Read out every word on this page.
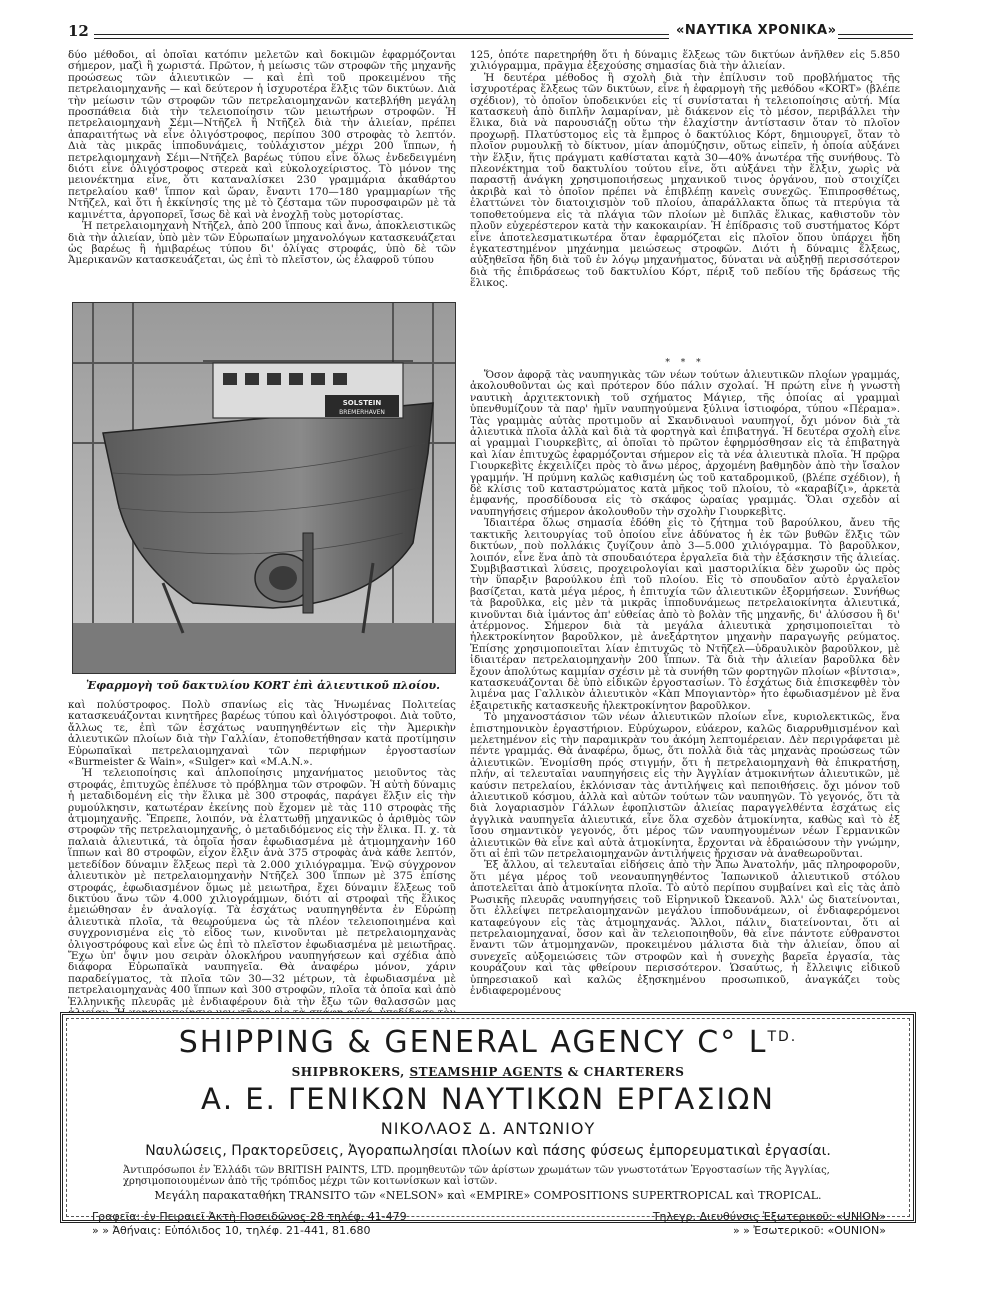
12	«ΝΑΥΤΙΚΑ ΧΡΟΝΙΚΑ»

δύο μέθοδοι, αἱ ὁποῖαι κατόπιν μελετῶν καὶ δοκιμῶν ἐφαρμόζονται σήμερον, μαζὶ ἢ χωριστά. Πρῶτον, ἡ μείωσις τῶν στροφῶν τῆς μηχανῆς προώσεως τῶν ἁλιευτικῶν — καὶ ἐπὶ τοῦ προκειμένου τῆς πετρελαιομηχανῆς — καὶ δεύτερον ἡ ἰσχυροτέρα ἕλξις τῶν δικτύων. Διὰ τὴν μείωσιν τῶν στροφῶν τῶν πετρελαιομηχανῶν κατεβλήθη μεγάλη προσπάθεια διὰ τὴν τελειοποίησιν τῶν μειωτήρων στροφῶν. Ἡ πετρελαιομηχανὴ Σέμι—Ντῆζελ ἢ Ντῆζελ διὰ τὴν ἁλιείαν, πρέπει ἀπαραιτήτως νὰ εἶνε ὀλιγόστροφος, περίπου 300 στροφὰς τὸ λεπτόν. Διὰ τὰς μικρᾶς ἱπποδυνάμεις, τοὐλάχιστον μέχρι 200 ἵππων, ἡ πετρελαιομηχανὴ Σέμι—Ντῆζελ βαρέως τύπου εἶνε ὅλως ἐνδεδειγμένη διότι εἶνε ὀλιγόστροφος στερεὰ καὶ εὐκολοχείριστος. Τὸ μόνον της μειονέκτημα εἶνε, ὅτι καταναλίσκει 230 γραμμάρια ἀκαθάρτου πετρελαίου καθ' ἵππον καὶ ὥραν, ἔναντι 170—180 γραμμαρίων τῆς Ντῆζελ, καὶ ὅτι ἡ ἐκκίνησίς της μὲ τὸ ζέσταμα τῶν πυροσφαιρῶν μὲ τὰ καμινέττα, ἀργοπορεῖ, ἴσως δὲ καὶ νὰ ἐνοχλῇ τοὺς μοτορίστας.

Ἡ πετρελαιομηχανὴ Ντῆζελ, ἀπὸ 200 ἵππους καὶ ἄνω, ἀποκλειστικῶς διὰ τὴν ἁλιείαν, ὑπὸ μὲν τῶν Εὐρωπαίων μηχανολόγων κατασκευάζεται ὡς βαρέως ἢ ἡμιβαρέως τύπου δι' ὀλίγας στροφάς, ὑπὸ δὲ τῶν Ἀμερικανῶν κατασκευάζεται, ὡς ἐπὶ τὸ πλεῖστον, ὡς ἐλαφροῦ τύπου

SOLSTEIN
BREMERHAVEN
Ἐφαρμογὴ τοῦ δακτυλίου KORT ἐπὶ ἁλιευτικοῦ πλοίου.

καὶ πολύστροφος. Πολὺ σπανίως εἰς τὰς Ἡνωμένας Πολιτείας κατασκευάζονται κινητῆρες βαρέως τύπου καὶ ὀλιγόστροφοι. Διὰ τοῦτο, ἄλλως τε, ἐπὶ τῶν ἐσχάτως ναυπηγηθέντων εἰς τὴν Ἀμερικὴν ἁλιευτικῶν πλοίων διὰ τὴν Γαλλίαν, ἐτοποθετήθησαν κατὰ προτίμησιν Εὐρωπαϊκαὶ πετρελαιομηχαναὶ τῶν περιφήμων ἐργοστασίων «Burmeister & Wain», «Sulger» καὶ «M.A.N.».

Ἡ τελειοποίησις καὶ ἁπλοποίησις μηχανήματος μειοῦντος τὰς στροφάς, ἐπιτυχῶς ἐπέλυσε τὸ πρόβλημα τῶν στροφῶν. Ἡ αὐτὴ δύναμις ἡ μεταδιδομένη εἰς τὴν ἕλικα μὲ 300 στροφάς, παράγει ἕλξιν εἰς τὴν ρυμούλκησιν, κατωτέραν ἐκείνης ποὺ ἔχομεν μὲ τὰς 110 στροφὰς τῆς ἀτμομηχανῆς. Ἔπρεπε, λοιπόν, νὰ ἐλαττωθῇ μηχανικῶς ὁ ἀριθμὸς τῶν στροφῶν τῆς πετρελαιομηχανῆς, ὁ μεταδιδόμενος εἰς τὴν ἕλικα. Π. χ. τὰ παλαιὰ ἁλιευτικά, τὰ ὁποῖα ἦσαν ἐφωδιασμένα μὲ ἀτμομηχανὴν 160 ἵππων καὶ 80 στροφῶν, εἶχον ἕλξιν ἀνὰ 375 στροφὰς ἀνὰ κάθε λεπτόν, μετεδίδον δύναμιν ἕλξεως περὶ τὰ 2.000 χιλιόγραμμα. Ἐνῷ σύγχρονον ἁλιευτικὸν μὲ πετρελαιομηχανὴν Ντῆζελ 300 ἵππων μὲ 375 ἐπίσης στροφάς, ἐφωδιασμένον ὅμως μὲ μειωτῆρα, ἔχει δύναμιν ἕλξεως τοῦ δικτύου ἄνω τῶν 4.000 χιλιογράμμων, διότι αἱ στροφαὶ τῆς ἕλικος ἐμειώθησαν ἐν ἀναλογίᾳ. Τὰ ἐσχάτως ναυπηγηθέντα ἐν Εὐρώπῃ ἁλιευτικὰ πλοῖα, τὰ θεωρούμενα ὡς τὰ πλέον τελειοποιημένα καὶ συγχρονισμένα εἰς τὸ εἶδος των, κινοῦνται μὲ πετρελαιομηχανὰς ὀλιγοστρόφους καὶ εἶνε ὡς ἐπὶ τὸ πλεῖστον ἐφωδιασμένα μὲ μειωτῆρας. Ἔχω ὑπ' ὄψιν μου σειρὰν ὁλοκλήρου ναυπηγήσεων καὶ σχέδια ἀπὸ διάφορα Εὐρωπαϊκὰ ναυπηγεῖα. Θὰ ἀναφέρω μόνον, χάριν παραδείγματος, τὰ πλοῖα τῶν 30—32 μέτρων, τὰ ἐφωδιασμένα μὲ πετρελαιομηχανὰς 400 ἵππων καὶ 300 στροφῶν, πλοῖα τὰ ὁποῖα καὶ ἀπὸ Ἑλληνικῆς πλευρᾶς μὲ ἐνδιαφέρουν διὰ τὴν ἔξω τῶν θαλασσῶν μας

125, ὁπότε παρετηρήθη ὅτι ἡ δύναμις ἕλξεως τῶν δικτύων ἀνῆλθεν εἰς 5.850 χιλιόγραμμα, πρᾶγμα ἐξεχούσης σημασίας διὰ τὴν ἁλιείαν.

Ἡ δευτέρα μέθοδος ἢ σχολὴ διὰ τὴν ἐπίλυσιν τοῦ προβλήματος τῆς ἰσχυροτέρας ἕλξεως τῶν δικτύων, εἶνε ἡ ἐφαρμογὴ τῆς μεθόδου «KORT» (βλέπε σχέδιον), τὸ ὁποῖον ὑποδεικνύει εἰς τί συνίσταται ἡ τελειοποίησις αὐτή. Μία κατασκευὴ ἀπὸ διπλῆν λαμαρίναν, μὲ διάκενον εἰς τὸ μέσον, περιβάλλει τὴν ἕλικα, διὰ νὰ παρουσιάζῃ οὕτω τὴν ἐλαχίστην ἀντίστασιν ὅταν τὸ πλοῖον προχωρῇ. Πλατύστομος εἰς τὰ ἔμπρος ὁ δακτύλιος Κόρτ, δημιουργεῖ, ὅταν τὸ πλοῖον ρυμουλκῇ τὸ δίκτυον, μίαν ἀπομύζησιν, οὕτως εἰπεῖν, ἡ ὁποία αὐξάνει τὴν ἕλξιν, ἥτις πράγματι καθίσταται κατὰ 30—40% ἀνωτέρα τῆς συνήθους. Τὸ πλεονέκτημα τοῦ δακτυλίου τούτου εἶνε, ὅτι αὐξάνει τὴν ἕλξιν, χωρὶς νὰ παραστῇ ἀνάγκη χρησιμοποιήσεως μηχανικοῦ τινος ὀργάνου, ποὺ στοιχίζει ἀκριβὰ καὶ τὸ ὁποῖον πρέπει νὰ ἐπιβλέπῃ κανεὶς συνεχῶς. Ἐπιπροσθέτως, ἐλαττώνει τὸν διατοιχισμὸν τοῦ πλοίου, ἀπαράλλακτα ὅπως τὰ πτερύγια τὰ τοποθετούμενα εἰς τὰ πλάγια τῶν πλοίων μὲ διπλᾶς ἕλικας, καθιστοῦν τὸν πλοῦν εὐχερέστερον κατὰ τὴν κακοκαιρίαν. Ἡ ἐπίδρασις τοῦ συστήματος Κόρτ εἶνε ἀποτελεσματικωτέρα ὅταν ἐφαρμόζεται εἰς πλοῖον ὅπου ὑπάρχει ἤδη ἐγκατεστημένον μηχάνημα μειώσεως στροφῶν. Διότι ἡ δύναμις ἕλξεως, αὐξηθεῖσα ἤδη διὰ τοῦ ἐν λόγῳ μηχανήματος, δύναται νὰ αὐξηθῇ περισσότερον διὰ τῆς ἐπιδράσεως τοῦ δακτυλίου Κόρτ, πέριξ τοῦ πεδίου τῆς δράσεως τῆς ἕλικος.

* * *

Ὅσον ἀφορᾷ τὰς ναυπηγικὰς τῶν νέων τούτων ἁλιευτικῶν πλοίων γραμμάς, ἀκολουθοῦνται ὡς καὶ πρότερον δύο πάλιν σχολαί. Ἡ πρώτη εἶνε ἡ γνωστὴ ναυτικὴ ἀρχιτεκτονικὴ τοῦ σχήματος Μάγιερ, τῆς ὁποίας αἱ γραμμαὶ ὑπενθυμίζουν τὰ παρ' ἡμῖν ναυπηγούμενα ξύλινα ἱστιοφόρα, τύπου «Πέραμα». Τὰς γραμμὰς αὐτὰς προτιμοῦν αἱ Σκανδιναυοὶ ναυπηγοί, ὄχι μόνον διὰ τὰ ἁλιευτικὰ πλοῖα ἀλλὰ καὶ διὰ τὰ φορτηγὰ καὶ ἐπιβατηγά. Ἡ δευτέρα σχολὴ εἶνε αἱ γραμμαὶ Γιουρκεβὶτς, αἱ ὁποῖαι τὸ πρῶτον ἐφηρμόσθησαν εἰς τὰ ἐπιβατηγὰ καὶ λίαν ἐπιτυχῶς ἐφαρμόζονται σήμερον εἰς τὰ νέα ἁλιευτικὰ πλοῖα. Ἡ πρῷρα Γιουρκεβὶτς ἐκχειλίζει πρὸς τὸ ἄνω μέρος, ἀρχομένη βαθμηδὸν ἀπὸ τὴν ἴσαλον γραμμήν. Ἡ πρύμνη καλῶς καθισμένη ὡς τοῦ καταδρομικοῦ, (βλέπε σχέδιον), ἡ δὲ κλίσις τοῦ καταστρώματος κατὰ μῆκος τοῦ πλοίου, τὸ «καραβίζι», ἀρκετὰ ἐμφανής, προσδίδουσα εἰς τὸ σκάφος ὡραίας γραμμάς. Ὅλαι σχεδὸν αἱ ναυπηγήσεις σήμερον ἀκολουθοῦν τὴν σχολὴν Γιουρκεβὶτς.

Ἰδιαιτέρα ὅλως σημασία ἐδόθη εἰς τὸ ζήτημα τοῦ βαρούλκου, ἄνευ τῆς τακτικῆς λειτουργίας τοῦ ὁποίου εἶνε ἀδύνατος ἡ ἐκ τῶν βυθῶν ἕλξις τῶν δικτύων, ποὺ πολλάκις ζυγίζουν ἀπὸ 3—5.000 χιλιόγραμμα. Τὸ βαροῦλκον, λοιπόν, εἶνε ἕνα ἀπὸ τὰ σπουδαιότερα ἐργαλεῖα διὰ τὴν ἐξάσκησιν τῆς ἁλιείας. Συμβιβαστικαὶ λύσεις, προχειρολογίαι καὶ μαστοριλίκια δὲν χωροῦν ὡς πρὸς τὴν ὕπαρξιν βαρούλκου ἐπὶ τοῦ πλοίου. Εἰς τὸ σπουδαῖον αὐτὸ ἐργαλεῖον βασίζεται, κατὰ μέγα μέρος, ἡ ἐπιτυχία τῶν ἁλιευτικῶν ἐξορμήσεων. Συνήθως τὰ βαροῦλκα, εἰς μὲν τὰ μικρᾶς ἱπποδυνάμεως πετρελαιοκίνητα ἁλιευτικά, κινοῦνται διὰ ἱμάντος ἀπ' εὐθείας ἀπὸ τὸ βολὰν τῆς μηχανῆς, δι' ἀλύσσου ἢ δι' ἀτέρμονος. Σήμερον διὰ τὰ μεγάλα ἁλιευτικὰ χρησιμοποιεῖται τὸ ἠλεκτροκίνητον βαροῦλκον, μὲ ἀνεξάρτητον μηχανὴν παραγωγῆς ρεύματος. Ἐπίσης χρησιμοποιεῖται λίαν ἐπιτυχῶς τὸ Ντῆζελ—ὑδραυλικὸν βαροῦλκον, μὲ ἰδιαιτέραν πετρελαιομηχανὴν 200 ἵππων. Τὰ διὰ τὴν ἁλιείαν βαροῦλκα δὲν ἔχουν ἀπολύτως καμμίαν σχέσιν μὲ τὰ συνήθη τῶν φορτηγῶν πλοίων «βίντσια», κατασκευάζονται δὲ ὑπὸ εἰδικῶν ἐργοστασίων. Τὸ ἐσχάτως διὰ ἐπισκεφθὲν τὸν λιμένα μας Γαλλικὸν ἁλιευτικὸν «Κὰπ Μπογιαντὸρ» ἦτο ἐφωδιασμένον μὲ ἕνα ἐξαιρετικῆς κατασκευῆς ἠλεκτροκίνητον βαροῦλκον.

Τὸ μηχανοστάσιον τῶν νέων ἁλιευτικῶν πλοίων εἶνε, κυριολεκτικῶς, ἕνα ἐπιστημονικὸν ἐργαστήριον. Εὐρύχωρον, εὐάερον, καλῶς διαρρυθμισμένον καὶ μελετημένον εἰς τὴν παραμικρὰν του ἀκόμη λεπτομέρειαν. Δὲν περιγράφεται μὲ πέντε γραμμάς. Θὰ ἀναφέρω, ὅμως, ὅτι πολλὰ διὰ τὰς μηχανὰς προώσεως τῶν ἁλιευτικῶν. Ἐνομίσθη πρός στιγμήν, ὅτι ἡ πετρελαιομηχανὴ θὰ ἐπικρατήσῃ, πλήν, αἱ τελευταῖαι ναυπηγήσεις εἰς τὴν Ἀγγλίαν ἀτμοκινήτων ἁλιευτικῶν, μὲ καύσιν πετρελαίου, ἐκλόνισαν τὰς ἀντιλήψεις καὶ πεποιθήσεις. ὄχι μόνον τοῦ ἁλιευτικοῦ κόσμου, ἀλλὰ καὶ αὐτῶν τούτων τῶν ναυπηγῶν. Τὸ γεγονός, ὅτι τὰ διὰ λογαριασμὸν Γάλλων ἐφοπλιστῶν ἁλιείας παραγγελθέντα ἐσχάτως εἰς ἀγγλικὰ ναυπηγεῖα ἁλιευτικά, εἶνε ὅλα σχεδὸν ἀτμοκίνητα, καθὼς καὶ τὸ ἐξ ἴσου σημαντικὸν γεγονός, ὅτι μέρος τῶν ναυπηγουμένων νέων Γερμανικῶν ἁλιευτικῶν θὰ εἶνε καὶ αὐτὰ ἀτμοκίνητα, ἔρχονται νὰ ἑδραιώσουν τὴν γνώμην, ὅτι αἱ ἐπὶ τῶν πετρελαιομηχανῶν ἀντιλήψεις ἤρχισαν νὰ ἀναθεωροῦνται.

Ἐξ ἄλλου, αἱ τελευταῖαι εἰδήσεις ἀπὸ τὴν Ἄπω Ἀνατολήν, μᾶς πληροφοροῦν, ὅτι μέγα μέρος τοῦ νεοναυπηγηθέντος Ἰαπωνικοῦ ἁλιευτικοῦ στόλου ἀποτελεῖται ἀπὸ ἀτμοκίνητα πλοῖα. Τὸ αὐτὸ περίπου συμβαίνει καὶ εἰς τὰς ἀπὸ Ρωσικῆς πλευρᾶς ναυπηγήσεις τοῦ Εἰρηνικοῦ Ὠκεανοῦ. Ἀλλ' ὡς διατείνονται, ὅτι ἐλλείψει πετρελαιομηχανῶν μεγάλου ἱπποδυνάμεων, οἱ ἐνδιαφερόμενοι καταφεύγουν εἰς τὰς ἀτμομηχανάς. Ἄλλοι, πάλιν, διατείνονται, ὅτι αἱ πετρελαιομηχαναί, ὅσον καὶ ἂν τελειοποιηθοῦν, θὰ εἶνε πάντοτε εὐθρανστοι ἔναντι τῶν ἀτμομηχανῶν, προκειμένου μάλιστα διὰ τὴν ἁλιείαν, ὅπου αἱ συνεχεῖς αὐξομειώσεις τῶν στροφῶν καὶ ἡ συνεχὴς βαρεῖα ἐργασία, τὰς κουράζουν καὶ τὰς φθείρουν περισσότερον. Ὡσαύτως, ἡ ἔλλειψις εἰδικοῦ ὑπηρεσιακοῦ καὶ καλῶς ἐξησκημένου προσωπικοῦ, ἀναγκάζει τοὺς ἐνδιαφερομένους

SHIPPING & GENERAL AGENCY C° $L^{TD.}$
SHIPBROKERS, STEAMSHIP AGENTS & CHARTERERS
Α. Ε. ΓΕΝΙΚΩΝ ΝΑΥΤΙΚΩΝ ΕΡΓΑΣΙΩΝ
ΝΙΚΟΛΑΟΣ Δ. ΑΝΤΩΝΙΟΥ
Ναυλώσεις, Πρακτορεῦσεις, Ἀγοραπωλησίαι πλοίων καὶ πάσης φύσεως ἐμπορευματικαὶ ἐργασίαι.
Ἀντιπρόσωποι ἐν Ἑλλάδι τῶν BRITISH PAINTS, LTD. προμηθευτῶν τῶν ἀρίστων χρωμάτων τῶν γνωστοτάτων Ἐργοστασίων τῆς Ἀγγλίας, χρησιμοποιουμένων ἀπὸ τῆς τρόπιδος μέχρι τῶν κοιτωνίσκων καὶ ἱστῶν.
Μεγάλη παρακαταθήκη TRANSITO τῶν «NELSON» καὶ «EMPIRE» COMPOSITIONS SUPERTROPICAL καὶ TROPICAL.
Γραφεῖα: ἐν Πειραιεῖ Ἀκτὴ Ποσειδῶνος 28 τηλέφ. 41-479
» » Ἀθήναις: Εὐπόλιδος 10, τηλέφ. 21-441, 81.680
Τηλεγρ. Διευθύνσις Ἐξωτερικοῦ: «UNION»
» » Ἐσωτερικοῦ: «OUNION»
